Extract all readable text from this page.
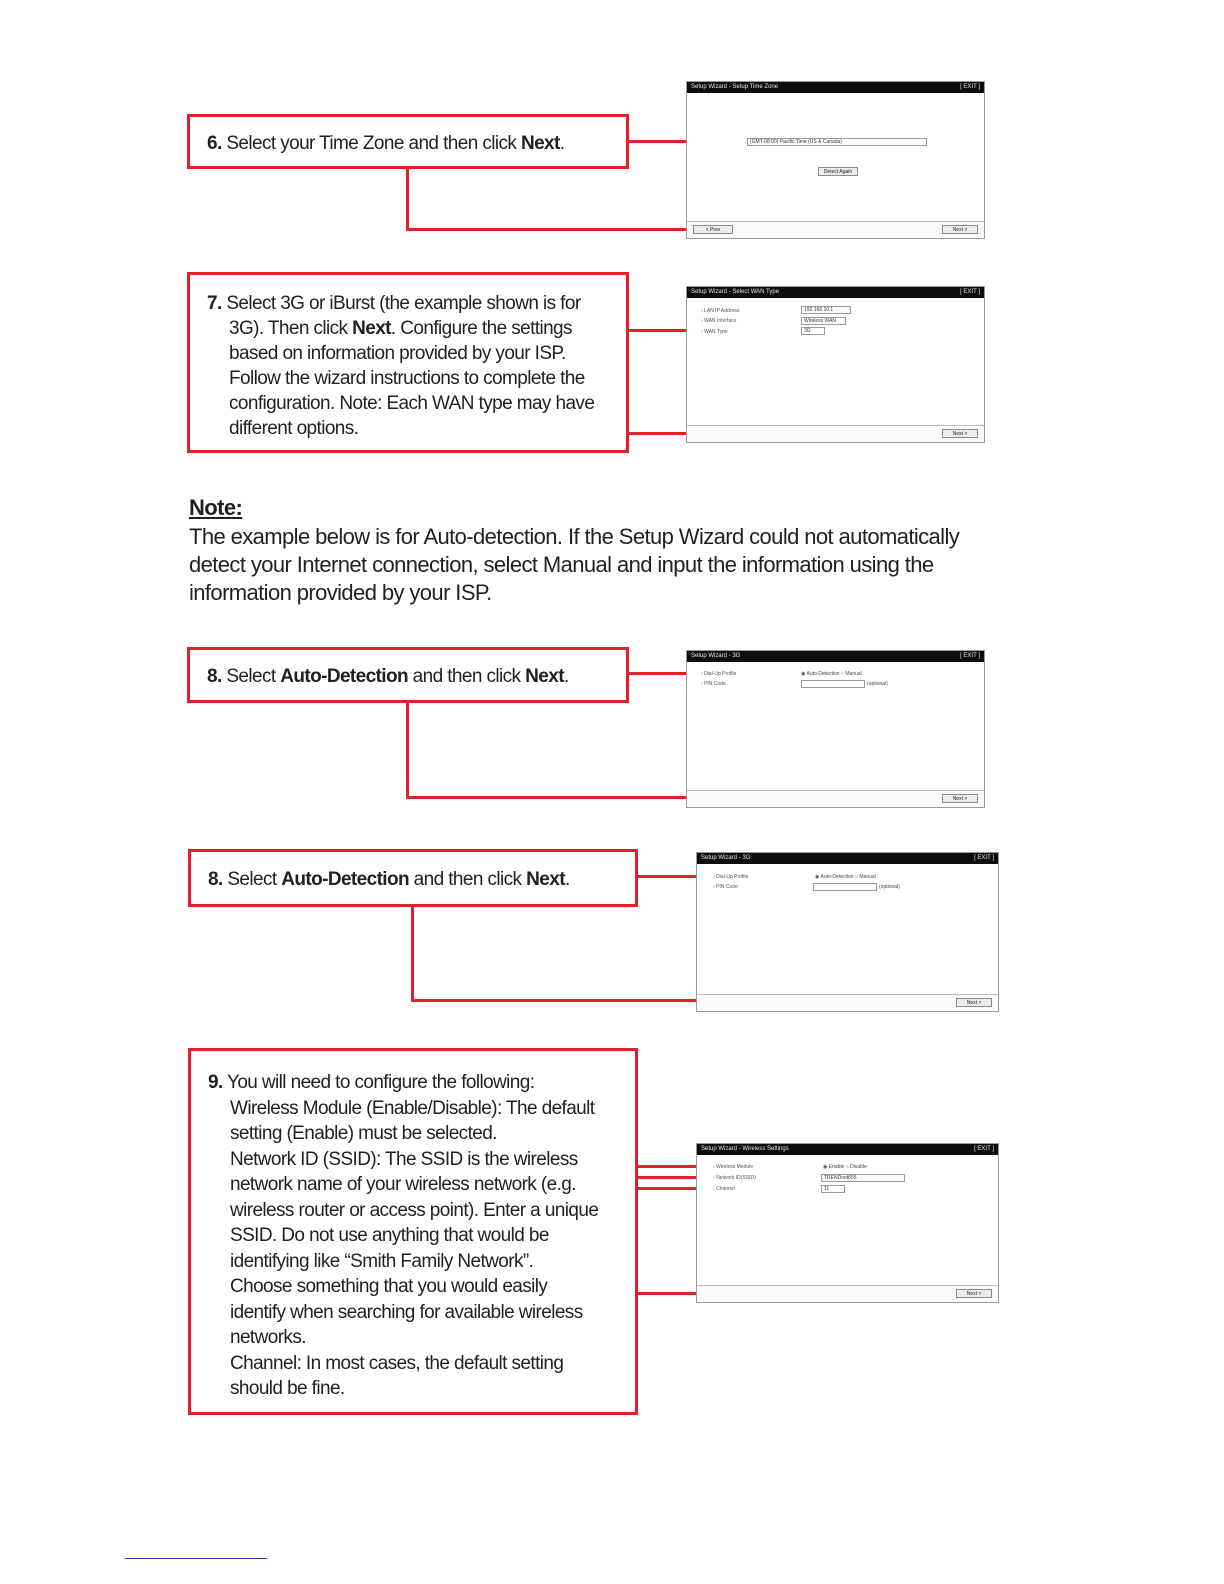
6. Select your Time Zone and then click Next.

Setup Wizard - Setup Time Zone	[ EXIT ]
(GMT-08:00) Pacific Time (US & Canada)
Detect Again
< Prev	Next >

7. Select 3G or iBurst (the example shown is for

3G). Then click Next. Configure the settings

based on information provided by your ISP.

Follow the wizard instructions to complete the

configuration. Note: Each WAN type may have

different options.

Setup Wizard - Select WAN Type	[ EXIT ]
› LAN IP Address	192.168.10.1
› WAN Interface	Wireless WAN
› WAN Type	3G
Next >
Note:

The example below is for Auto-detection. If the Setup Wizard could not automatically detect your Internet connection, select Manual and input the information using the information provided by your ISP.

8. Select Auto-Detection and then click Next.

Setup Wizard - 3G	[ EXIT ]
› Dial-Up Profile	◉ Auto-Detection ○ Manual
› PIN Code	(optional)
Next >

8. Select Auto-Detection and then click Next.

Setup Wizard - 3G	[ EXIT ]
› Dial-Up Profile	◉ Auto-Detection ○ Manual
› PIN Code	(optional)
Next >

9. You will need to configure the following:

Wireless Module (Enable/Disable): The default

setting (Enable) must be selected.

Network ID (SSID): The SSID is the wireless

network name of your wireless network (e.g.

wireless router or access point). Enter a unique

SSID. Do not use anything that would be

identifying like “Smith Family Network”.

Choose something that you would easily

identify when searching for available wireless

networks.

Channel: In most cases, the default setting

should be fine.

Setup Wizard - Wireless Settings	[ EXIT ]
› Wireless Module	◉ Enable ○ Disable
› Network ID(SSID)	TRENDnet655
› Channel	11
Next >
